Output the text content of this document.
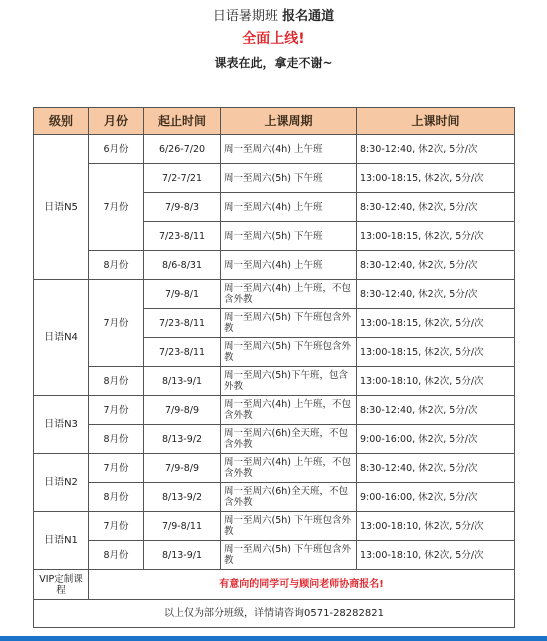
日语暑期班 报名通道
全面上线!
课表在此，拿走不谢~
级别	月份	起止时间	上课周期	上课时间
日语N5	6月份	6/26-7/20	周一至周六(4h) 上午班	8:30-12:40, 休2次, 5分/次
	7月份	7/2-7/21	周一至周六(5h) 下午班	13:00-18:15, 休2次, 5分/次
		7/9-8/3	周一至周六(4h) 上午班	8:30-12:40, 休2次, 5分/次
		7/23-8/11	周一至周六(5h) 下午班	13:00-18:15, 休2次, 5分/次
	8月份	8/6-8/31	周一至周六(4h) 上午班	8:30-12:40, 休2次, 5分/次
日语N4	7月份	7/9-8/1	周一至周六(4h) 上午班，不包含外教	8:30-12:40, 休2次, 5分/次
		7/23-8/11	周一至周六(5h) 下午班包含外教	13:00-18:15, 休2次, 5分/次
		7/23-8/11	周一至周六(5h) 下午班包含外教	13:00-18:15, 休2次, 5分/次
	8月份	8/13-9/1	周一至周六(5h)下午班，包含外教	13:00-18:10, 休2次, 5分/次
日语N3	7月份	7/9-8/9	周一至周六(4h) 上午班，不包含外教	8:30-12:40, 休2次, 5分/次
	8月份	8/13-9/2	周一至周六(6h)全天班，不包含外教	9:00-16:00, 休2次, 5分/次
日语N2	7月份	7/9-8/9	周一至周六(4h) 上午班，不包含外教	8:30-12:40, 休2次, 5分/次
	8月份	8/13-9/2	周一至周六(6h)全天班，不包含外教	9:00-16:00, 休2次, 5分/次
日语N1	7月份	7/9-8/11	周一至周六(5h) 下午班包含外教	13:00-18:10, 休2次, 5分/次
	8月份	8/13-9/1	周一至周六(5h) 下午班包含外教	13:00-18:10, 休2次, 5分/次
VIP定制课程	有意向的同学可与顾问老师协商报名!			
以上仅为部分班级，详情请咨询0571-28282821				
